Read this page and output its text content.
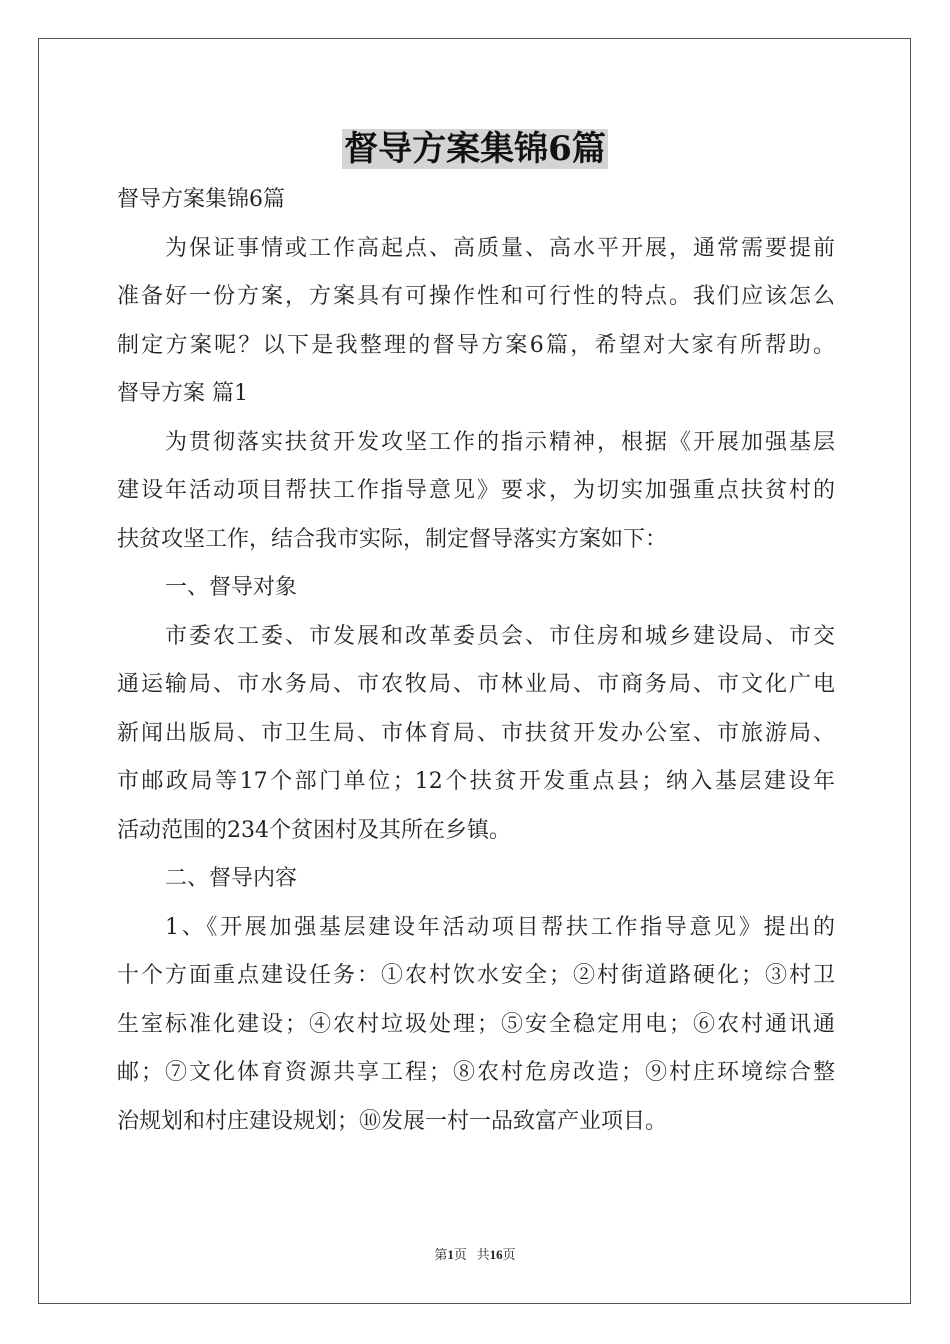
督导方案集锦6篇
督导方案集锦6篇
为保证事情或工作高起点、高质量、高水平开展，通常需要提前
准备好一份方案，方案具有可操作性和可行性的特点。我们应该怎么
制定方案呢？以下是我整理的督导方案6篇，希望对大家有所帮助。
督导方案 篇1
为贯彻落实扶贫开发攻坚工作的指示精神，根据《开展加强基层
建设年活动项目帮扶工作指导意见》要求，为切实加强重点扶贫村的
扶贫攻坚工作，结合我市实际，制定督导落实方案如下：
一、督导对象
市委农工委、市发展和改革委员会、市住房和城乡建设局、市交
通运输局、市水务局、市农牧局、市林业局、市商务局、市文化广电
新闻出版局、市卫生局、市体育局、市扶贫开发办公室、市旅游局、
市邮政局等17个部门单位；12个扶贫开发重点县；纳入基层建设年
活动范围的234个贫困村及其所在乡镇。
二、督导内容
1、《开展加强基层建设年活动项目帮扶工作指导意见》提出的
十个方面重点建设任务：①农村饮水安全；②村街道路硬化；③村卫
生室标准化建设；④农村垃圾处理；⑤安全稳定用电；⑥农村通讯通
邮；⑦文化体育资源共享工程；⑧农村危房改造；⑨村庄环境综合整
治规划和村庄建设规划；⑩发展一村一品致富产业项目。
第1页 共16页
